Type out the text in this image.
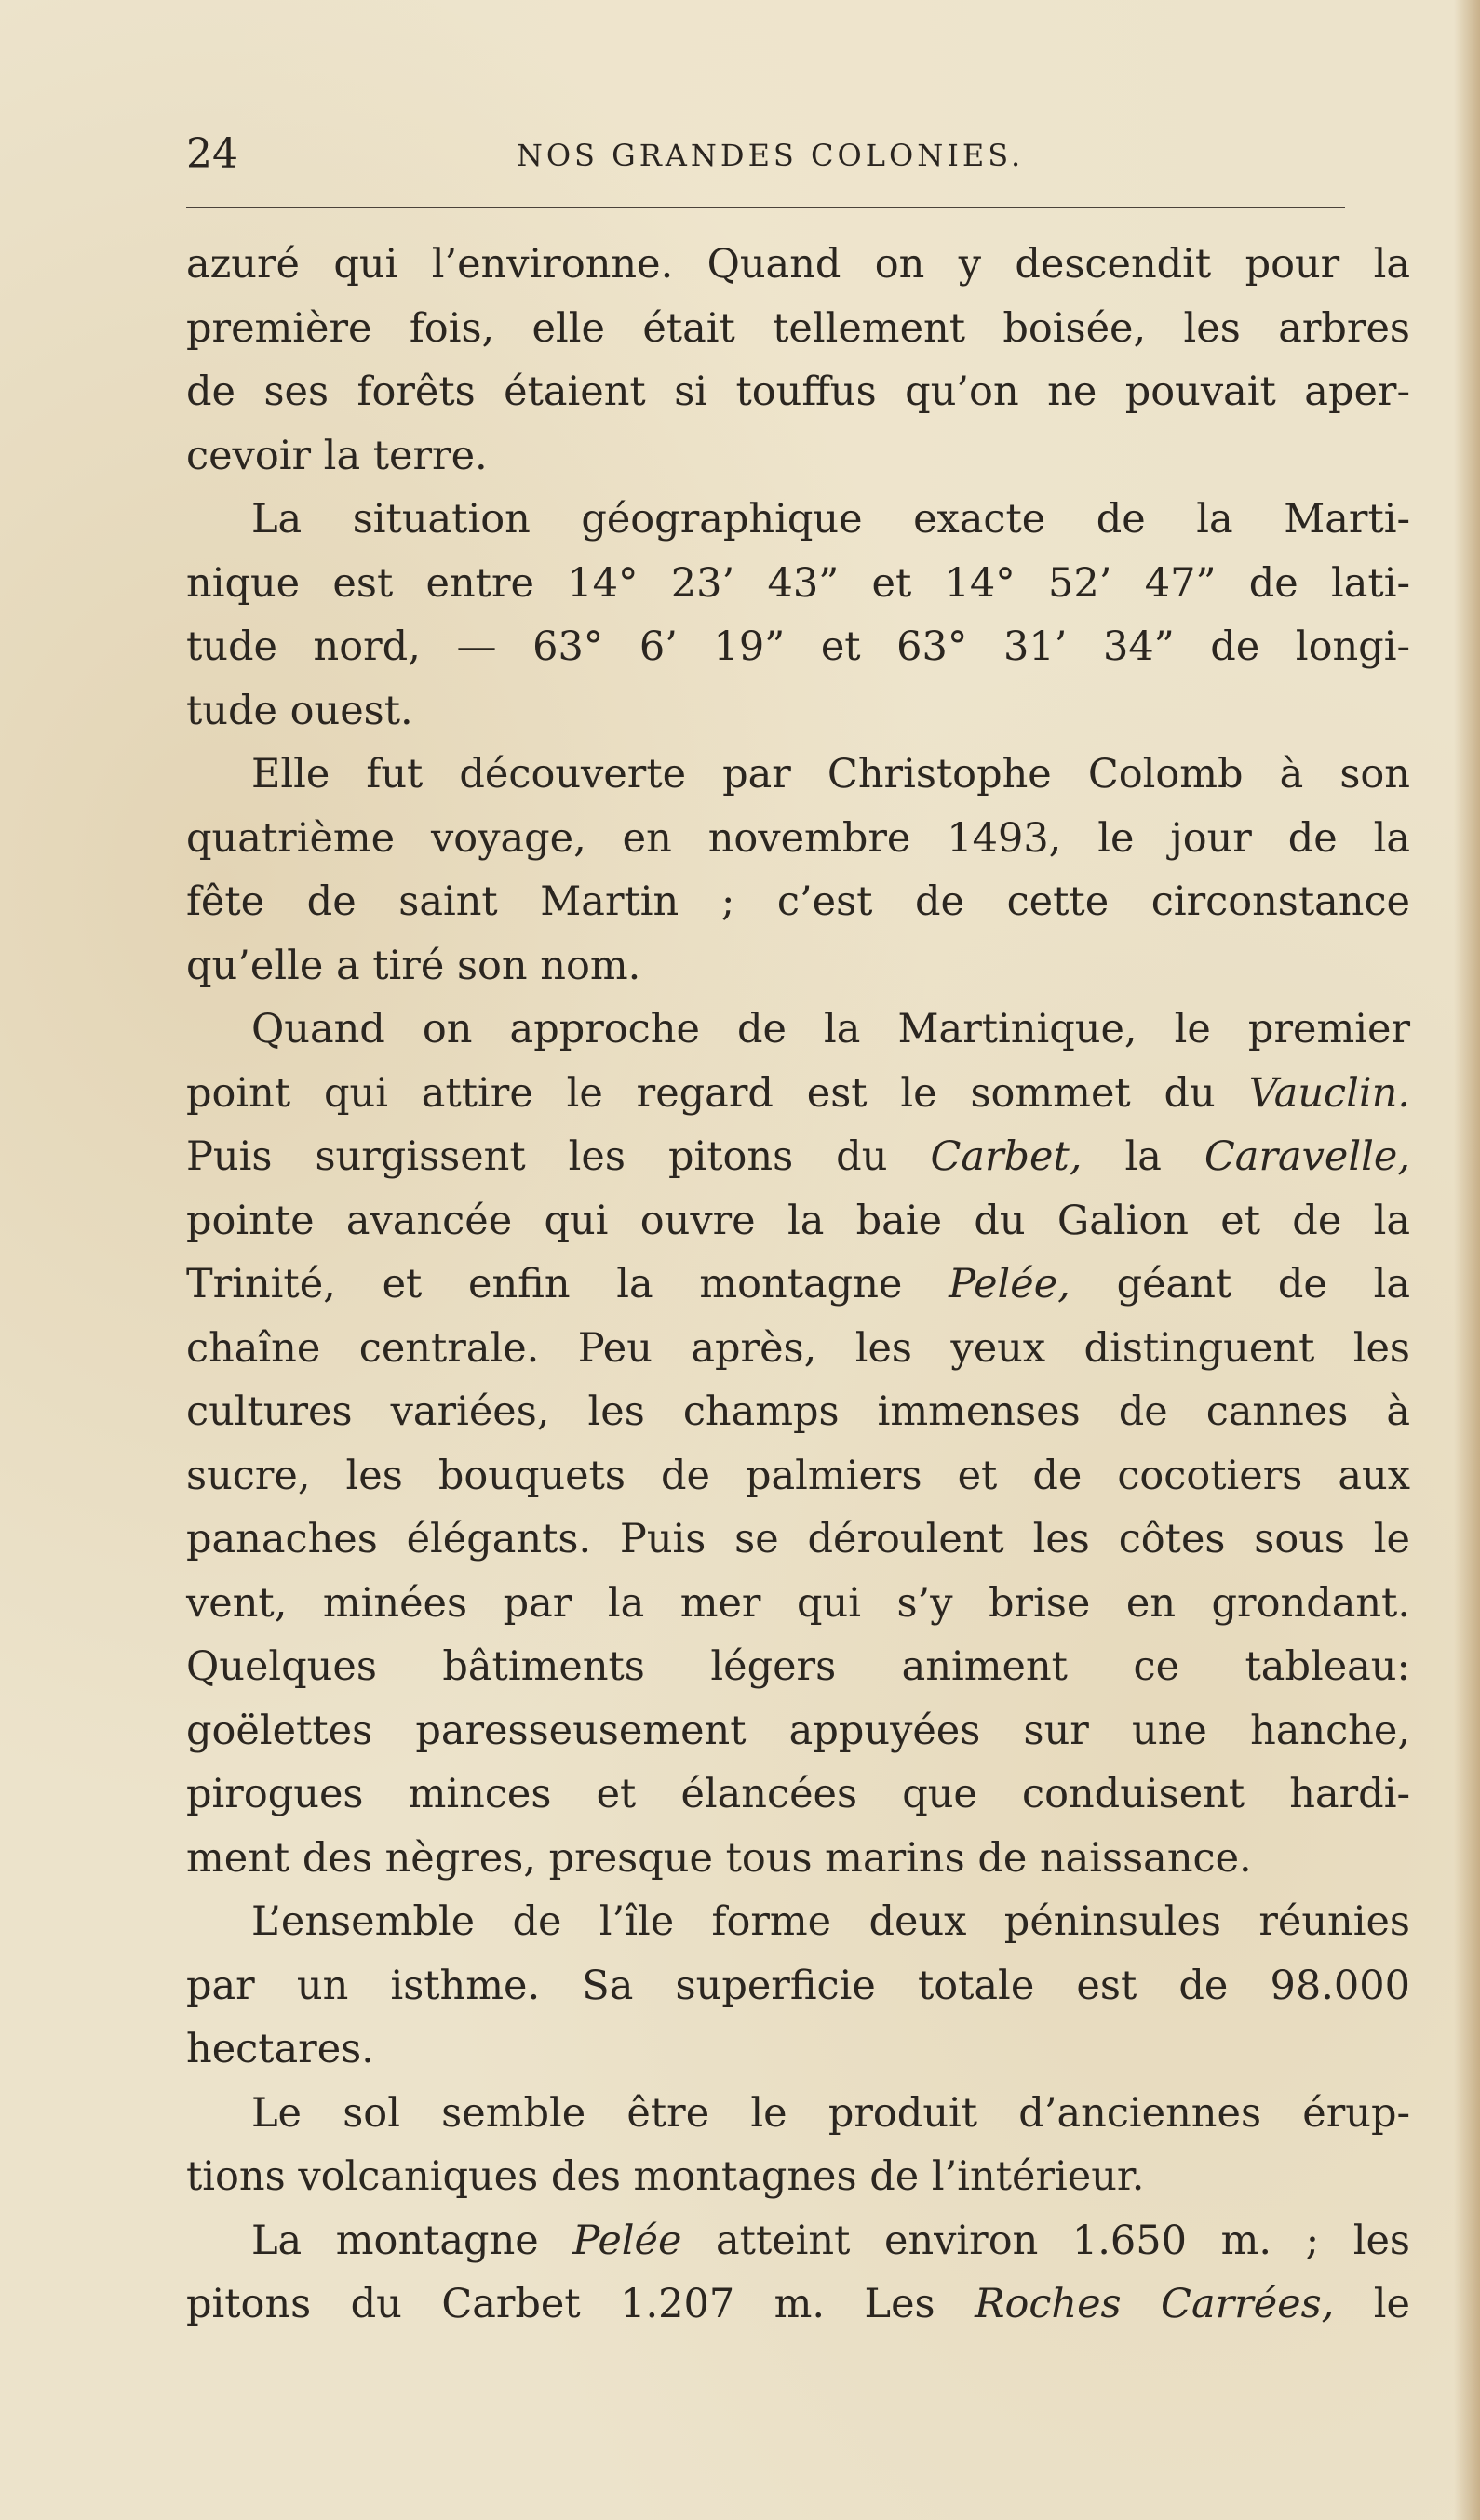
24	NOS GRANDES COLONIES.
azuré qui l’environne. Quand on y descendit pour la
première fois, elle était tellement boisée, les arbres
de ses forêts étaient si touffus qu’on ne pouvait aper-
cevoir la terre.
La situation géographique exacte de la Marti-
nique est entre 14° 23’ 43” et 14° 52’ 47” de lati-
tude nord, — 63° 6’ 19” et 63° 31’ 34” de longi-
tude ouest.
Elle fut découverte par Christophe Colomb à son
quatrième voyage, en novembre 1493, le jour de la
fête de saint Martin ; c’est de cette circonstance
qu’elle a tiré son nom.
Quand on approche de la Martinique, le premier
point qui attire le regard est le sommet du Vauclin.
Puis surgissent les pitons du Carbet, la Caravelle,
pointe avancée qui ouvre la baie du Galion et de la
Trinité, et enfin la montagne Pelée, géant de la
chaîne centrale. Peu après, les yeux distinguent les
cultures variées, les champs immenses de cannes à
sucre, les bouquets de palmiers et de cocotiers aux
panaches élégants. Puis se déroulent les côtes sous le
vent, minées par la mer qui s’y brise en grondant.
Quelques bâtiments légers animent ce tableau:
goëlettes paresseusement appuyées sur une hanche,
pirogues minces et élancées que conduisent hardi-
ment des nègres, presque tous marins de naissance.
L’ensemble de l’île forme deux péninsules réunies
par un isthme. Sa superficie totale est de 98.000
hectares.
Le sol semble être le produit d’anciennes érup-
tions volcaniques des montagnes de l’intérieur.
La montagne Pelée atteint environ 1.650 m. ; les
pitons du Carbet 1.207 m. Les Roches Carrées, le
